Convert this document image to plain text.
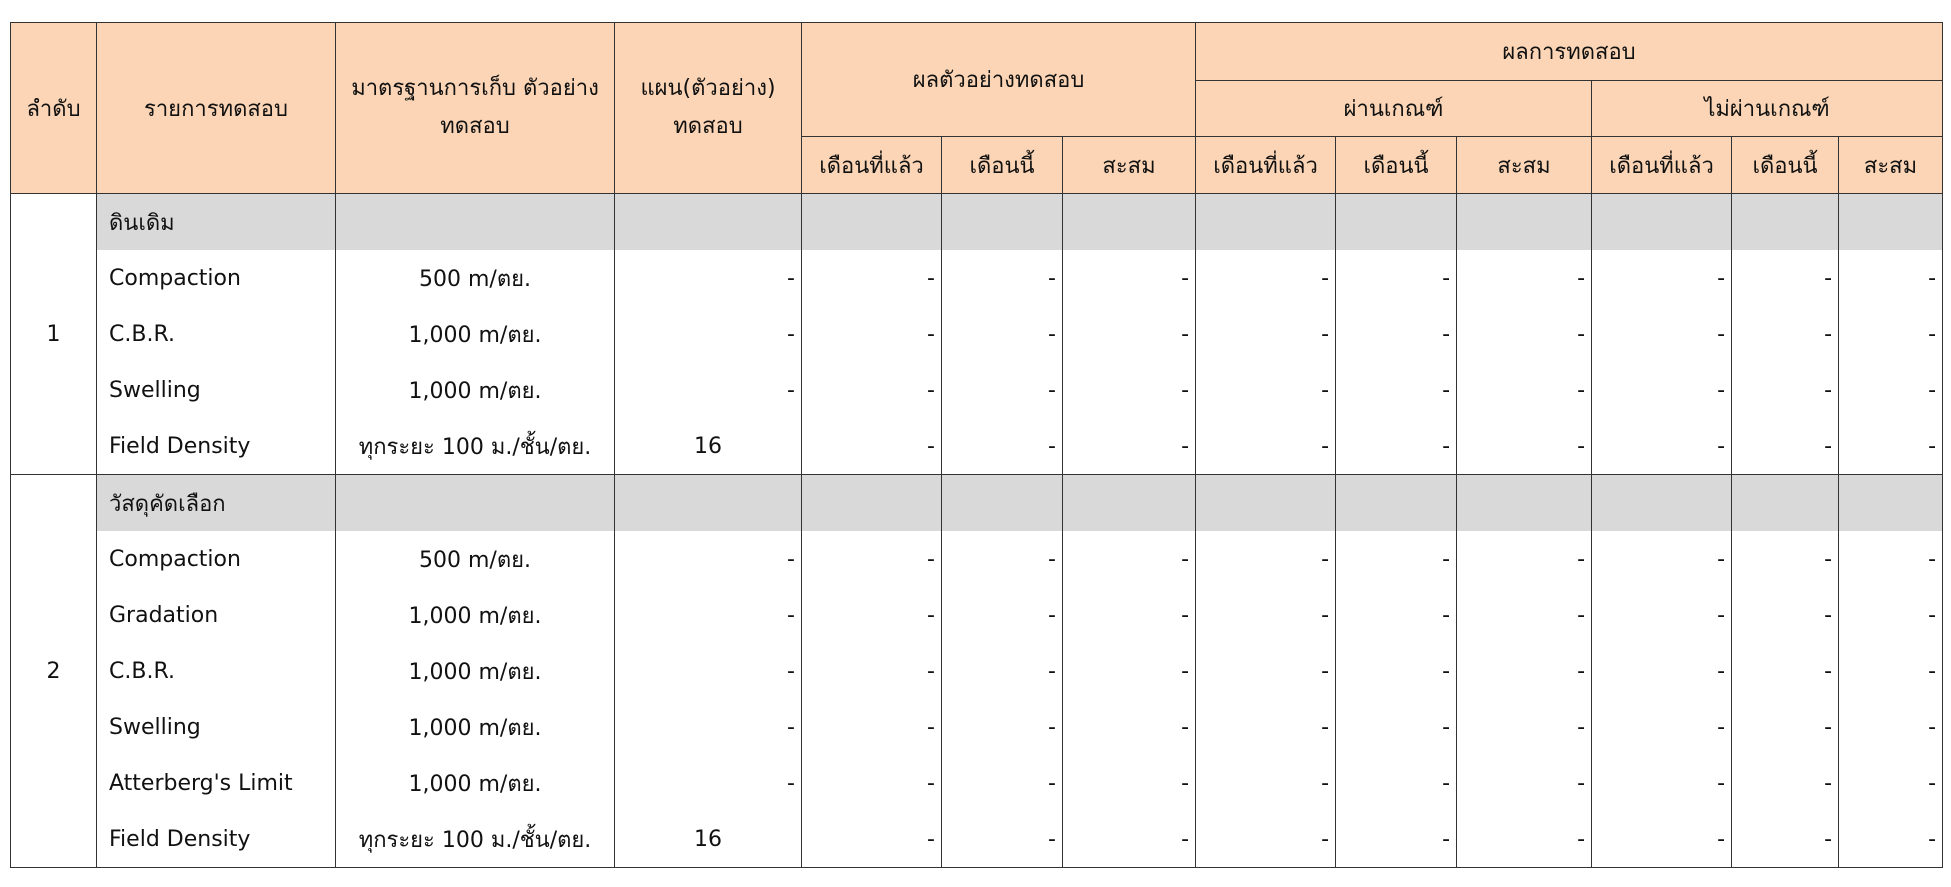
ลำดับ	รายการทดสอบ	มาตรฐานการเก็บ ตัวอย่างทดสอบ	แผน(ตัวอย่าง) ทดสอบ	ผลตัวอย่างทดสอบ			ผลการทดสอบ					
							ผ่านเกณฑ์			ไม่ผ่านเกณฑ์		
				เดือนที่แล้ว	เดือนนี้	สะสม	เดือนที่แล้ว	เดือนนี้	สะสม	เดือนที่แล้ว	เดือนนี้	สะสม
1	ดินเดิม											
	Compaction	500 m/ตย.	-	-	-	-	-	-	-	-	-	-
	C.B.R.	1,000 m/ตย.	-	-	-	-	-	-	-	-	-	-
	Swelling	1,000 m/ตย.	-	-	-	-	-	-	-	-	-	-
	Field Density	ทุกระยะ 100 ม./ชั้น/ตย.	16	-	-	-	-	-	-	-	-	-
2	วัสดุคัดเลือก											
	Compaction	500 m/ตย.	-	-	-	-	-	-	-	-	-	-
	Gradation	1,000 m/ตย.	-	-	-	-	-	-	-	-	-	-
	C.B.R.	1,000 m/ตย.	-	-	-	-	-	-	-	-	-	-
	Swelling	1,000 m/ตย.	-	-	-	-	-	-	-	-	-	-
	Atterberg's Limit	1,000 m/ตย.	-	-	-	-	-	-	-	-	-	-
	Field Density	ทุกระยะ 100 ม./ชั้น/ตย.	16	-	-	-	-	-	-	-	-	-
